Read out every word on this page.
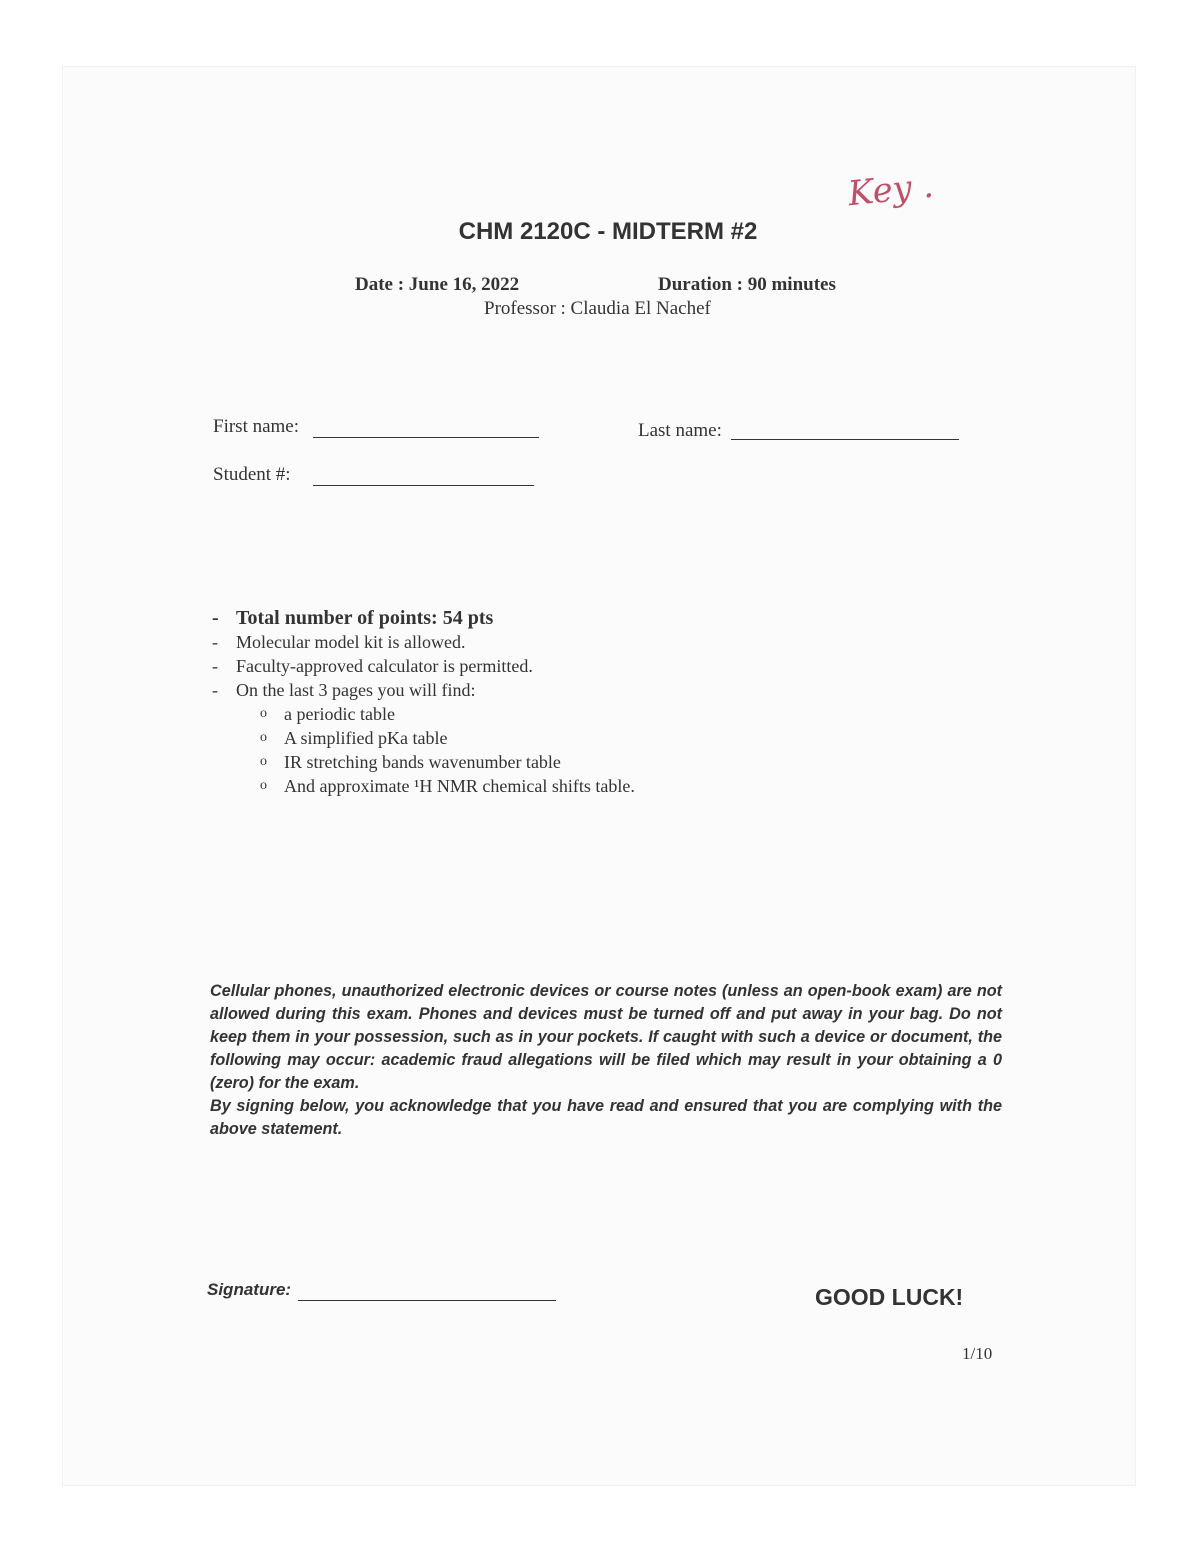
Key .
CHM 2120C - MIDTERM #2
Date : June 16, 2022	Duration : 90 minutes
Professor : Claudia El Nachef
First name:	Last name:
Student #:
- Total number of points: 54 pts
- Molecular model kit is allowed.
- Faculty-approved calculator is permitted.
- On the last 3 pages you will find:
o a periodic table
o A simplified pKa table
o IR stretching bands wavenumber table
o And approximate ¹H NMR chemical shifts table.

Cellular phones, unauthorized electronic devices or course notes (unless an open-book exam) are not allowed during this exam. Phones and devices must be turned off and put away in your bag. Do not keep them in your possession, such as in your pockets. If caught with such a device or document, the following may occur: academic fraud allegations will be filed which may result in your obtaining a 0 (zero) for the exam.

By signing below, you acknowledge that you have read and ensured that you are complying with the above statement.

Signature:	GOOD LUCK!
1/10
